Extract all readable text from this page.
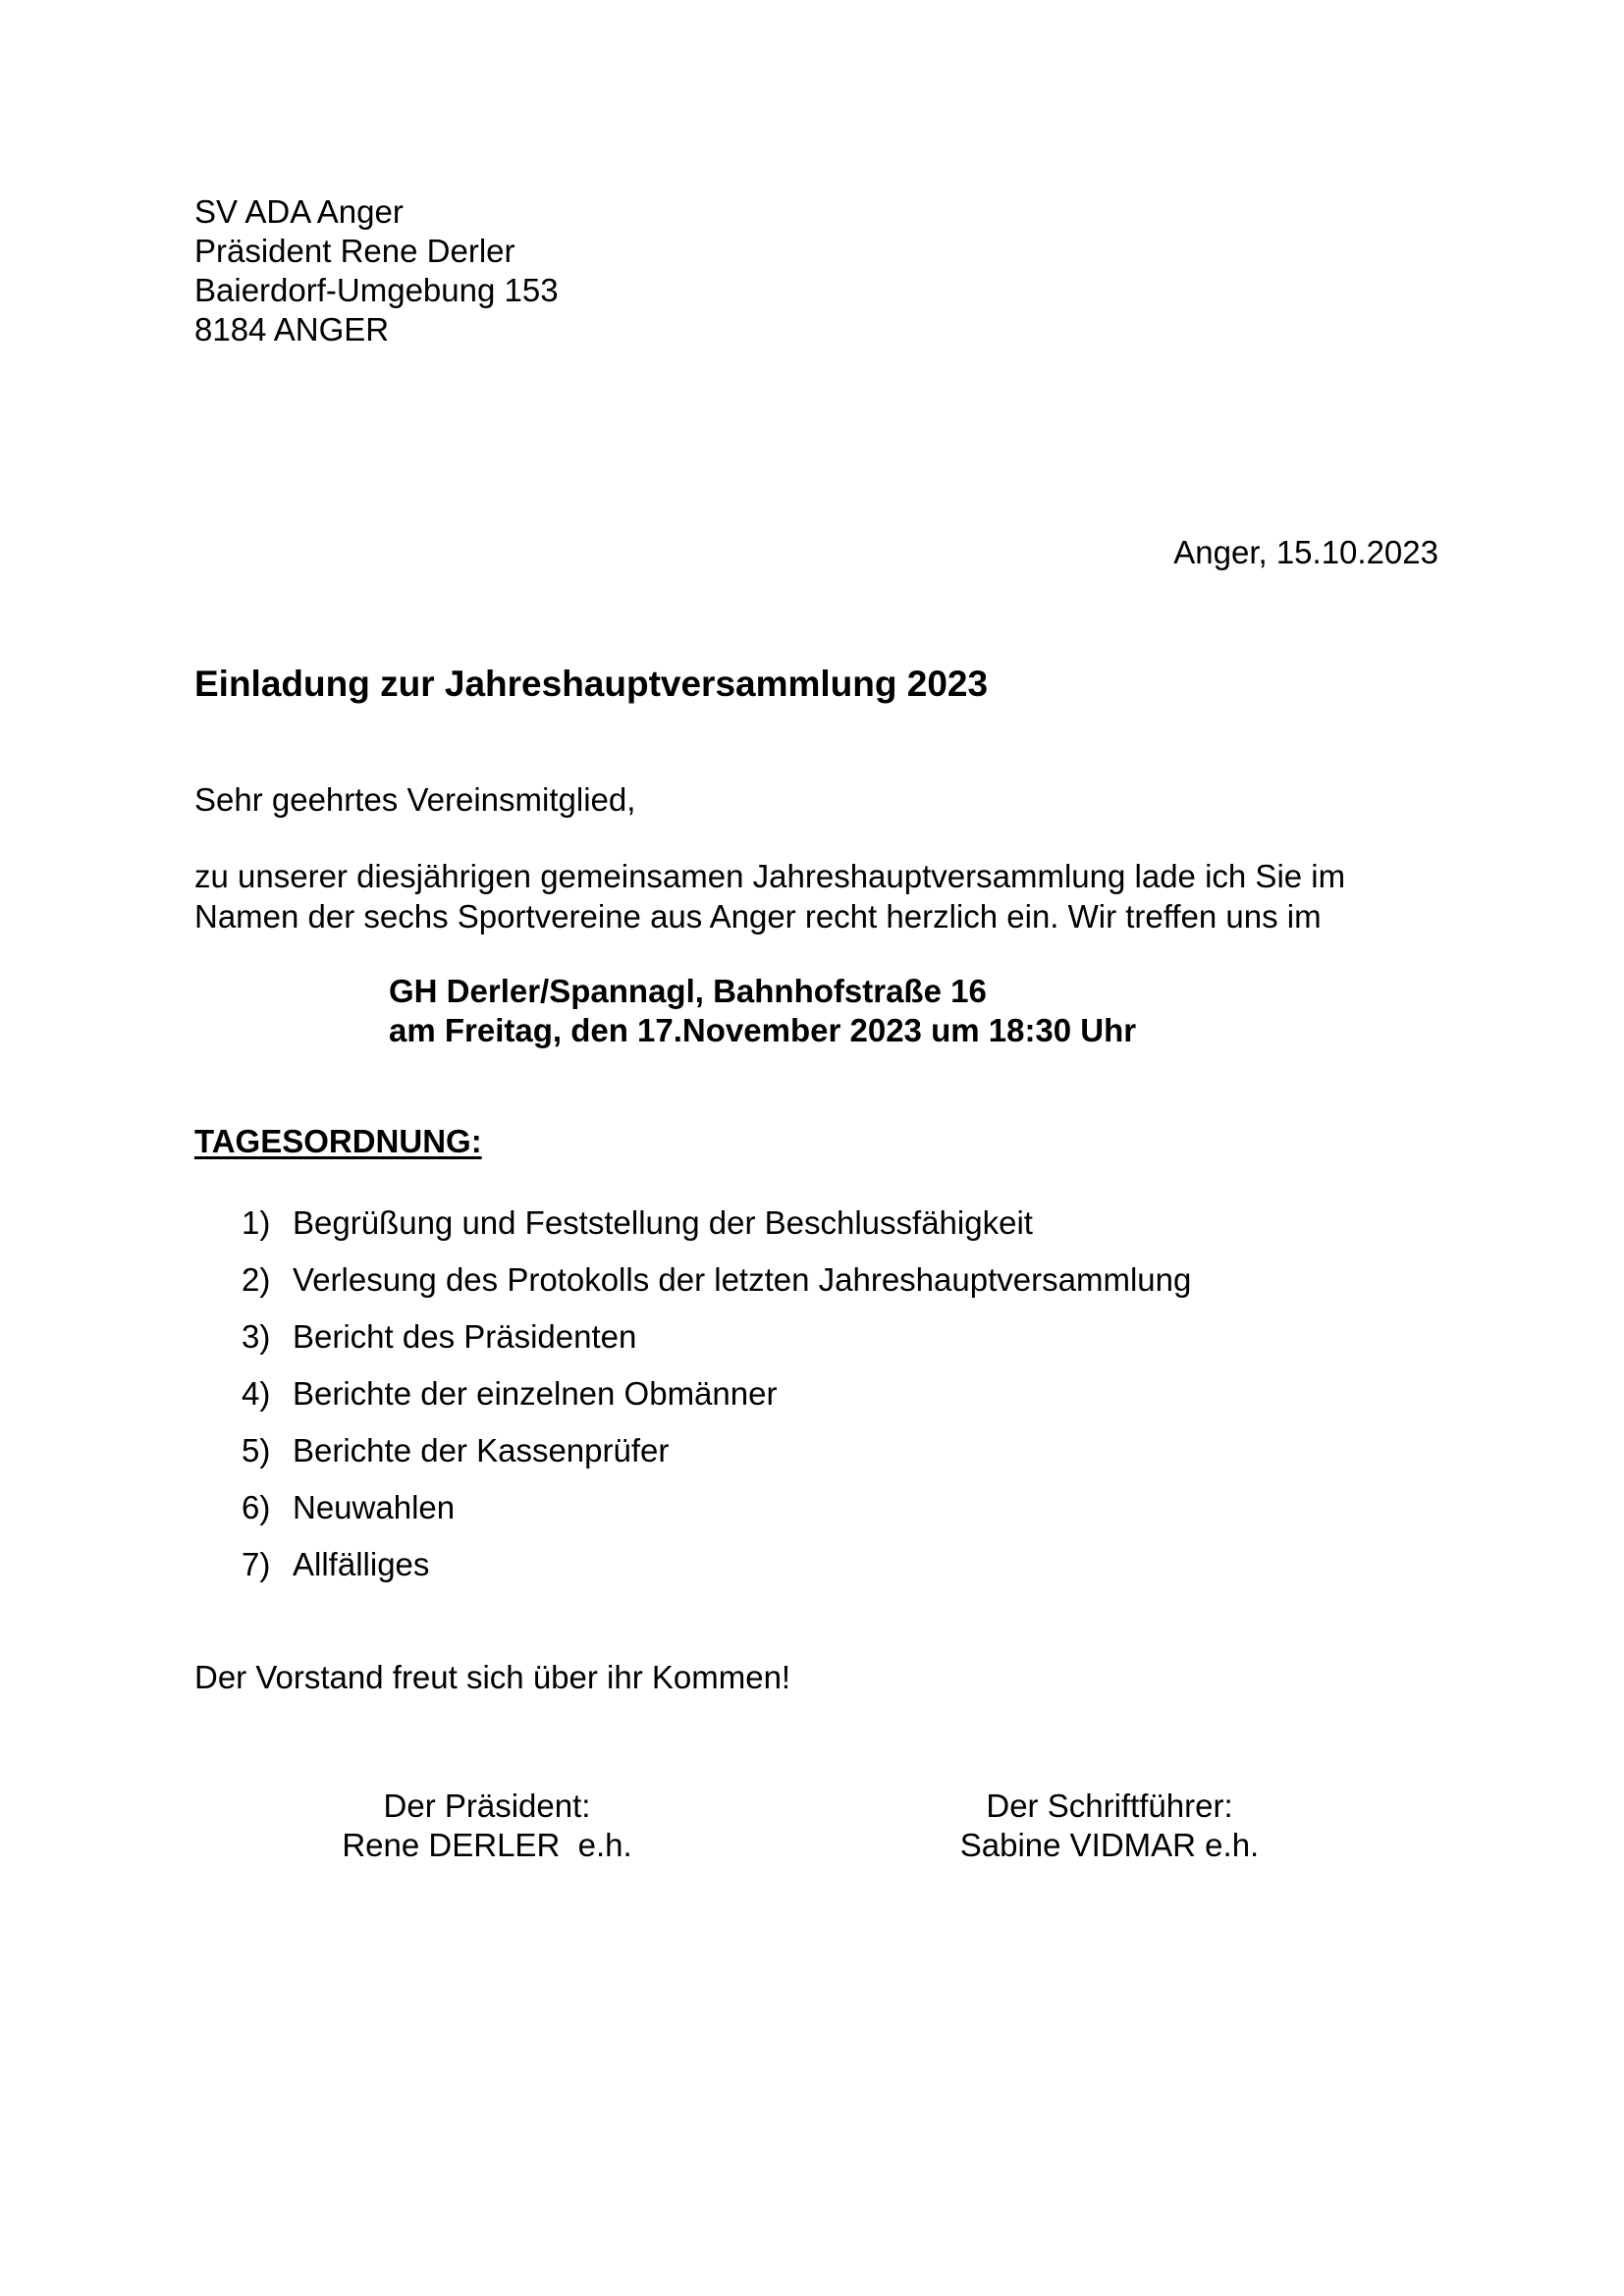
SV ADA Anger
Präsident Rene Derler
Baierdorf-Umgebung 153
8184 ANGER
Anger, 15.10.2023
Einladung zur Jahreshauptversammlung 2023
Sehr geehrtes Vereinsmitglied,
zu unserer diesjährigen gemeinsamen Jahreshauptversammlung lade ich Sie im
Namen der sechs Sportvereine aus Anger recht herzlich ein. Wir treffen uns im
GH Derler/Spannagl, Bahnhofstraße 16
am Freitag, den 17.November 2023 um 18:30 Uhr
TAGESORDNUNG:
1) Begrüßung und Feststellung der Beschlussfähigkeit
2) Verlesung des Protokolls der letzten Jahreshauptversammlung
3) Bericht des Präsidenten
4) Berichte der einzelnen Obmänner
5) Berichte der Kassenprüfer
6) Neuwahlen
7) Allfälliges
Der Vorstand freut sich über ihr Kommen!
Der Präsident:
Rene DERLER  e.h.
Der Schriftführer:
Sabine VIDMAR e.h.
